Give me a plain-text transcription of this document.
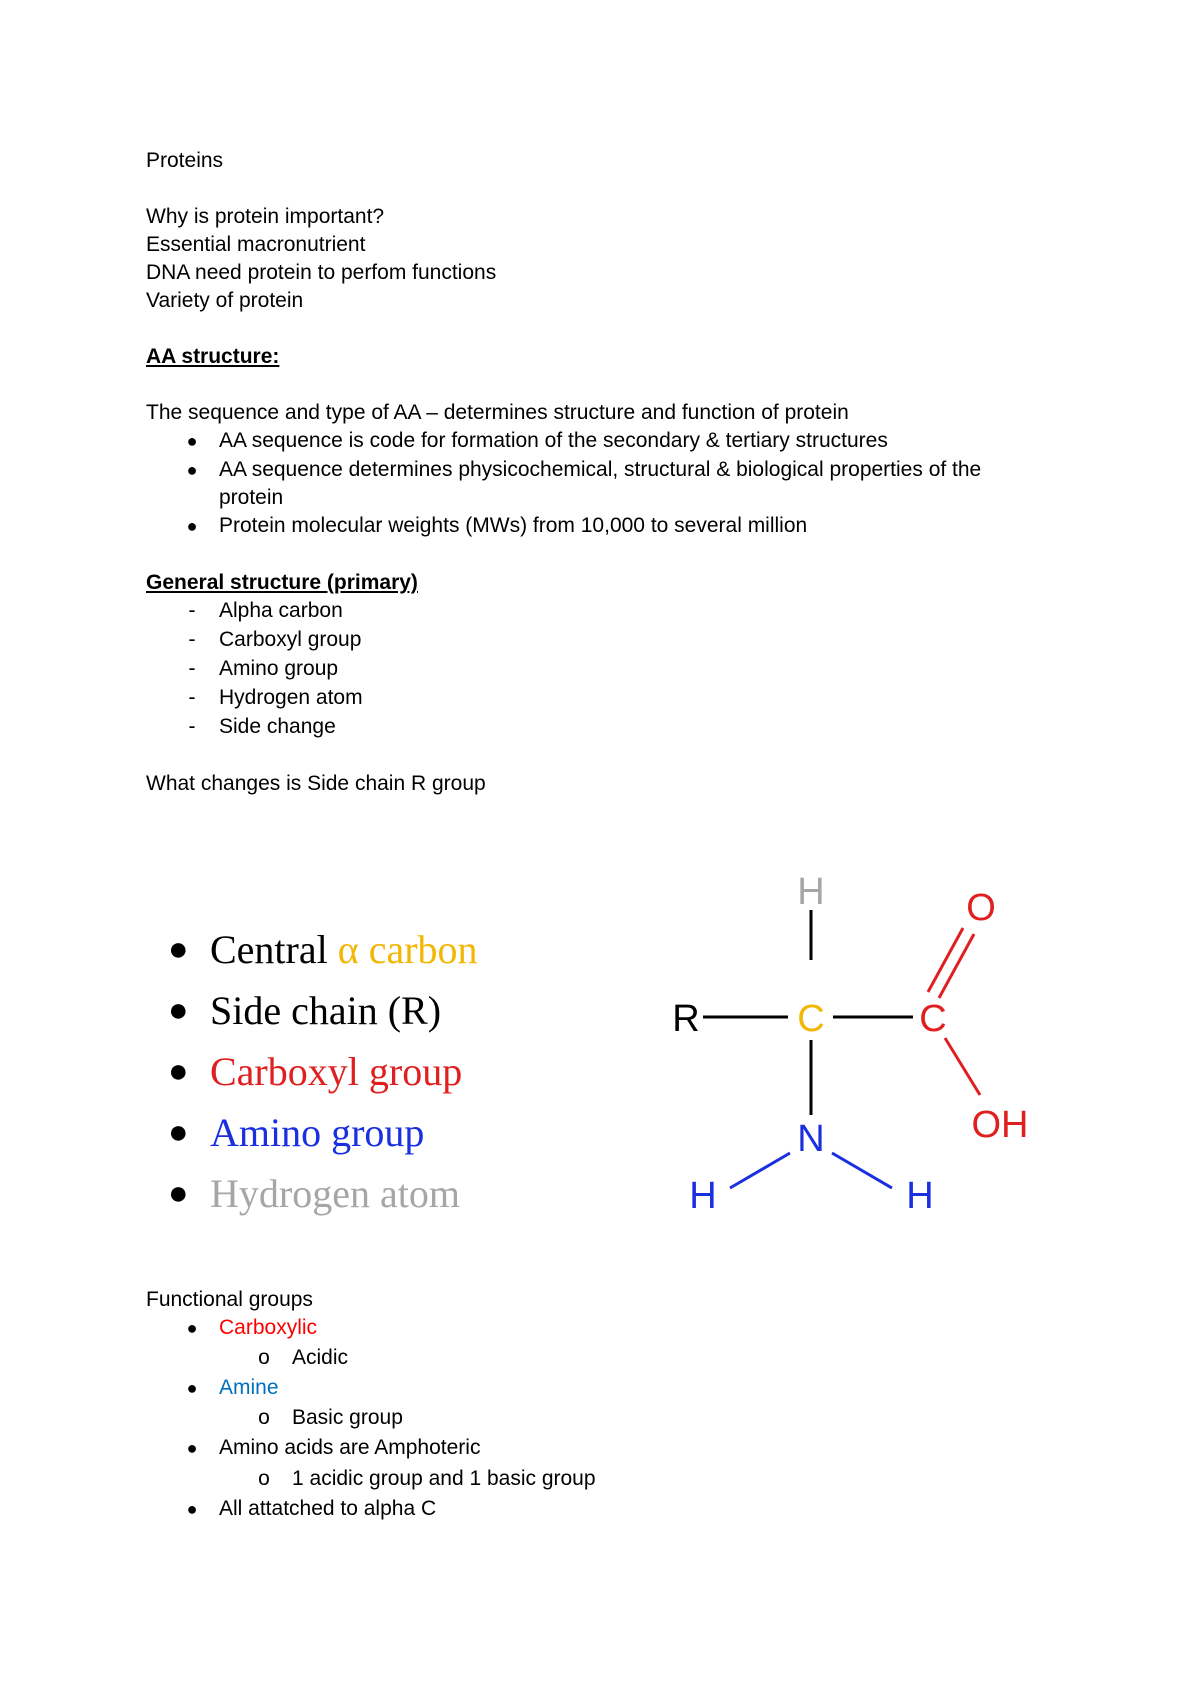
Proteins
Why is protein important?
Essential macronutrient
DNA need protein to perfom functions
Variety of protein
AA structure:
The sequence and type of AA – determines structure and function of protein
● AA sequence is code for formation of the secondary & tertiary structures
● AA sequence determines physicochemical, structural & biological properties of the
protein
● Protein molecular weights (MWs) from 10,000 to several million
General structure (primary)
-	Alpha carbon
-	Carboxyl group
-	Amino group
-	Hydrogen atom
-	Side change
What changes is Side chain R group
● Central α carbon
● Side chain (R)
● Carboxyl group
● Amino group
● Hydrogen atom
H
R	C C
O
OH
N
H	H
Functional groups
● Carboxylic
o Acidic
● Amine
o Basic group
● Amino acids are Amphoteric
o 1 acidic group and 1 basic group
● All attatched to alpha C
